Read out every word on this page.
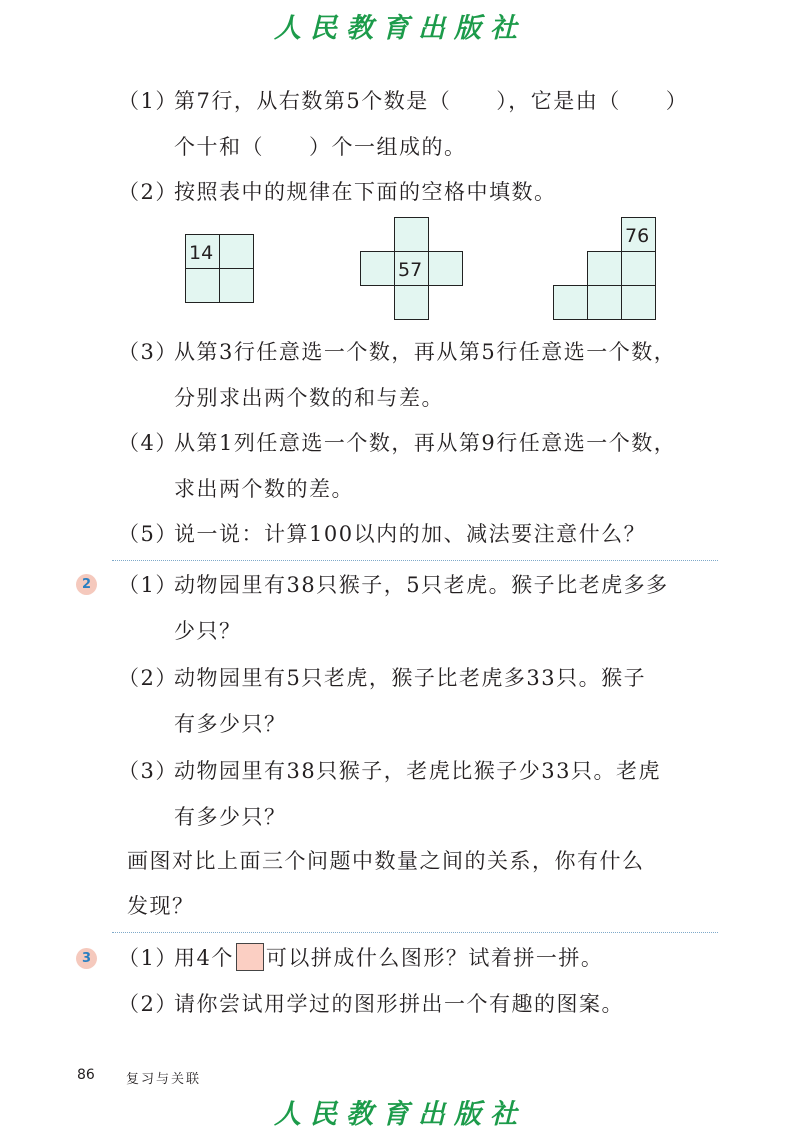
人民教育出版社
（1）
第7行，从右数第5个数是（　　），它是由（　　）
个十和（　　）个一组成的。
（2）
按照表中的规律在下面的空格中填数。
14
57
76
（3）
从第3行任意选一个数，再从第5行任意选一个数，
分别求出两个数的和与差。
（4）
从第1列任意选一个数，再从第9行任意选一个数，
求出两个数的差。
（5）
说一说：计算100以内的加、减法要注意什么？
2 （1）
动物园里有38只猴子，5只老虎。猴子比老虎多多
少只？
（2）
动物园里有5只老虎，猴子比老虎多33只。猴子
有多少只？
（3）
动物园里有38只猴子，老虎比猴子少33只。老虎
有多少只？
画图对比上面三个问题中数量之间的关系，你有什么
发现？
3 （1）
用4个 可以拼成什么图形？试着拼一拼。
（2）
请你尝试用学过的图形拼出一个有趣的图案。
86 复习与关联
人民教育出版社
